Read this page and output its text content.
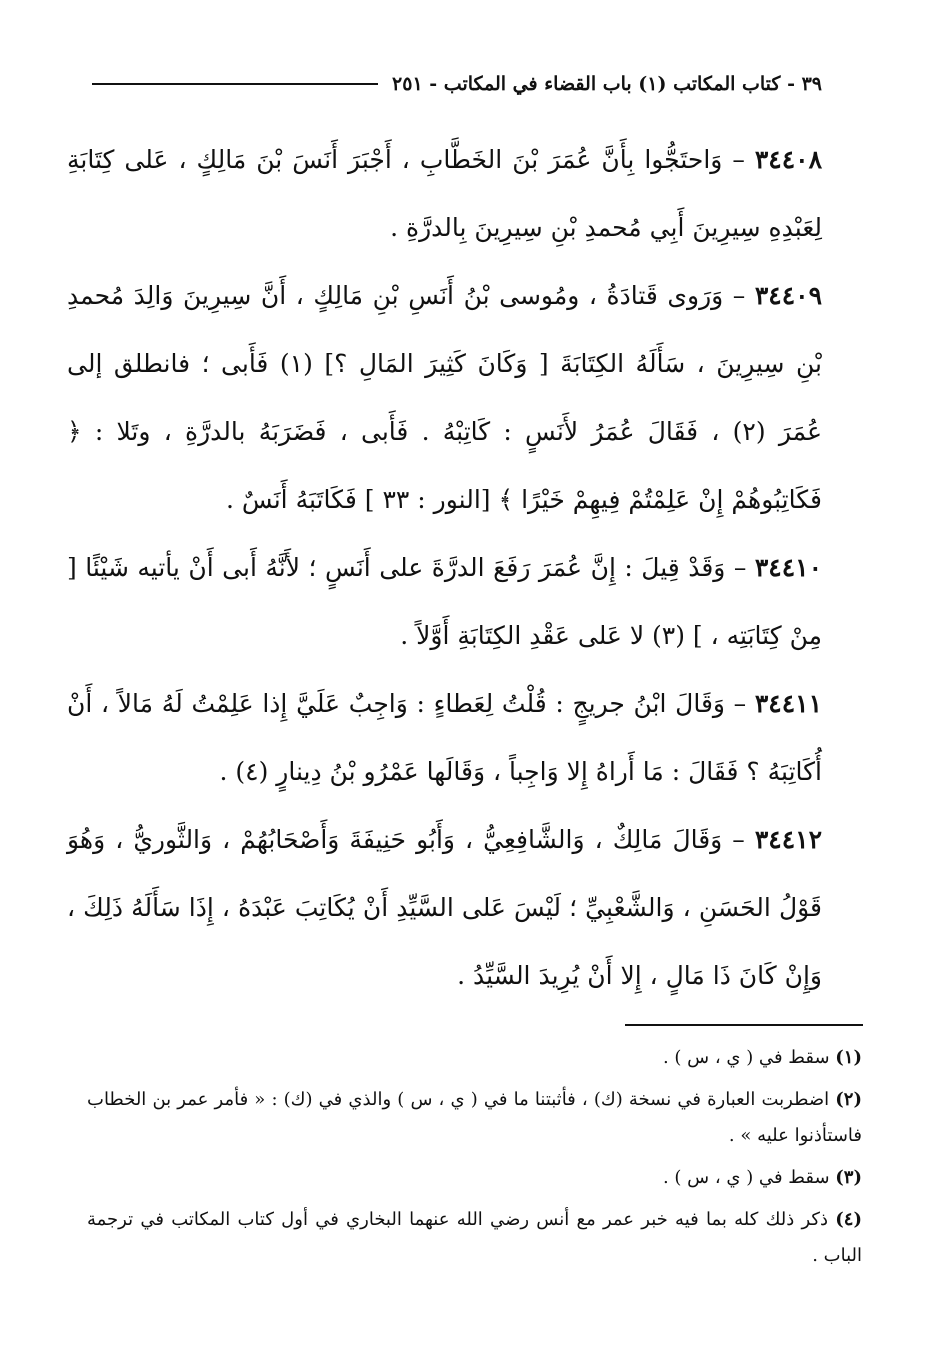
٣٩ - كتاب المكاتب (١) باب القضاء في المكاتب - ٢٥١
٣٤٤٠٨ – وَاحتَجُّوا بِأَنَّ عُمَرَ بْنَ الخَطَّابِ ، أَجْبَرَ أَنَسَ بْنَ مَالِكٍ ، عَلى كِتَابَةِ لِعَبْدِهِ سِيرِينَ أَبِي مُحمدِ بْنِ سِيرِينَ بِالدرَّةِ .
٣٤٤٠٩ – وَرَوى قَتادَةُ ، ومُوسى بْنُ أَنَسِ بْنِ مَالِكٍ ، أَنَّ سِيرِينَ وَالِدَ مُحمدِ بْنِ سِيرِينَ ، سَأَلَهُ الكِتَابَةَ [ وَكَانَ كَثِيرَ المَالِ ؟] (١) فَأَبى ؛ فانطلق إلى عُمَرَ (٢) ، فَقَالَ عُمَرُ لأَنَسٍ : كَاتِبْهُ . فَأَبى ، فَضَرَبَهُ بالدرَّةِ ، وتَلا : ﴿ فَكَاتِبُوهُمْ إِنْ عَلِمْتُمْ فِيهِمْ خَيْرًا ﴾ [النور : ٣٣ ] فَكَاتَبَهُ أَنَسٌ .
٣٤٤١٠ – وَقَدْ قِيلَ : إِنَّ عُمَرَ رَفَعَ الدرَّةَ على أَنَسٍ ؛ لأَنَّهُ أَبى أَنْ يأتيه شَيْئًا [ مِنْ كِتَابَتِه ، ] (٣) لا عَلى عَقْدِ الكِتَابَةِ أَوَّلاً .
٣٤٤١١ – وَقَالَ ابْنُ جريجٍ : قُلْتُ لِعَطاءٍ : وَاجِبٌ عَلَيَّ إِذا عَلِمْتُ لَهُ مَالاً ، أَنْ أُكَاتِبَهُ ؟ فَقَالَ : مَا أَراهُ إِلا وَاجِباً ، وَقَالَها عَمْرُو بْنُ دِينارٍ (٤) .
٣٤٤١٢ – وَقَالَ مَالِكٌ ، وَالشَّافِعِيُّ ، وَأَبُو حَنِيفَةَ وَأَصْحَابُهُمْ ، وَالثَّوريُّ ، وَهُوَ قَوْلُ الحَسَنِ ، وَالشَّعْبِيِّ ؛ لَيْسَ عَلى السَّيِّدِ أَنْ يُكَاتِبَ عَبْدَهُ ، إِذَا سَأَلَهُ ذَلِكَ ، وَإِنْ كَانَ ذَا مَالٍ ، إِلا أَنْ يُرِيدَ السَّيِّدُ .

(١) سقط في ( ي ، س ) .

(٢) اضطربت العبارة في نسخة (ك) ، فأثبتنا ما في ( ي ، س ) والذي في (ك) : « فأمر عمر بن الخطاب فاستأذنوا عليه » .

(٣) سقط في ( ي ، س ) .

(٤) ذكر ذلك كله بما فيه خبر عمر مع أنس رضي الله عنهما البخاري في أول كتاب المكاتب في ترجمة الباب .
